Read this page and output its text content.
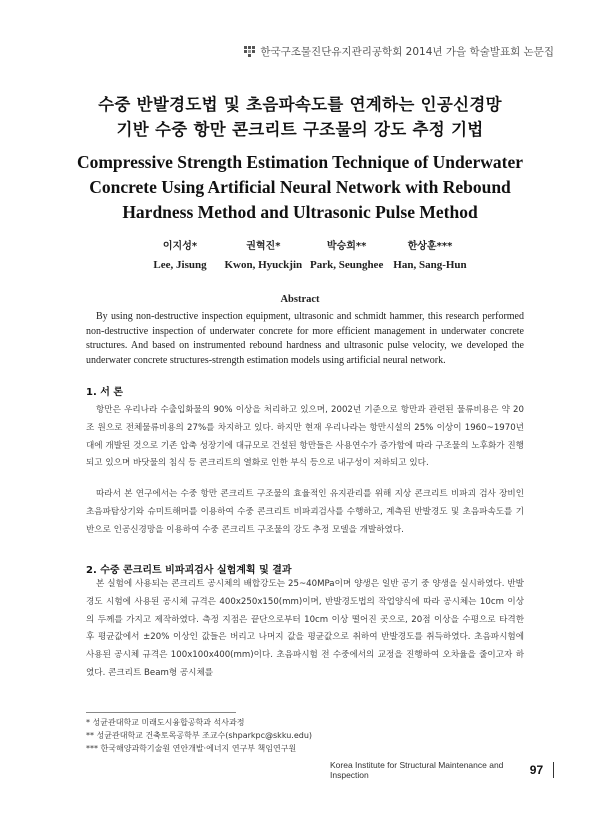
한국구조물진단유지관리공학회 2014년 가을 학술발표회 논문집
수중 반발경도법 및 초음파속도를 연계하는 인공신경망
기반 수중 항만 콘크리트 구조물의 강도 추정 기법
Compressive Strength Estimation Technique of Underwater
Concrete Using Artificial Neural Network with Rebound
Hardness Method and Ultrasonic Pulse Method
이지성*	권혁진*	박승희**	한상훈***
Lee, Jisung	Kwon, Hyuckjin Park, Seunghee Han, Sang-Hun
Abstract
By using non-destructive inspection equipment, ultrasonic and schmidt hammer, this research performed non-destructive inspection of underwater concrete for more efficient management in underwater concrete structures. And based on instrumented rebound hardness and ultrasonic pulse velocity, we developed the underwater concrete structures-strength estimation models using artificial neural network.
1. 서 론
항만은 우리나라 수출입화물의 90% 이상을 처리하고 있으며, 2002년 기준으로 항만과 관련된 물류비용은 약 20조 원으로 전체물류비용의 27%를 차지하고 있다. 하지만 현재 우리나라는 항만시설의 25% 이상이 1960~1970년대에 개발된 것으로 기존 압축 성장기에 대규모로 건설된 항만들은 사용연수가 증가함에 따라 구조물의 노후화가 진행되고 있으며 바닷물의 침식 등 콘크리트의 열화로 인한 부식 등으로 내구성이 저하되고 있다.
따라서 본 연구에서는 수중 항만 콘크리트 구조물의 효율적인 유지관리를 위해 지상 콘크리트 비파괴 검사 장비인 초음파탐상기와 슈미트해머를 이용하여 수중 콘크리트 비파괴검사를 수행하고, 계측된 반발경도 및 초음파속도를 기반으로 인공신경망을 이용하여 수중 콘크리트 구조물의 강도 추정 모델을 개발하였다.
2. 수중 콘크리트 비파괴검사 실험계획 및 결과
본 실험에 사용되는 콘크리트 공시체의 배합강도는 25~40MPa이며 양생은 일반 공기 중 양생을 실시하였다. 반발경도 시험에 사용된 공시체 규격은 400x250x150(mm)이며, 반발경도법의 작업양식에 따라 공시체는 10cm 이상의 두께를 가지고 제작하였다. 측정 지점은 끝단으로부터 10cm 이상 떨어진 곳으로, 20점 이상을 수평으로 타격한 후 평균값에서 ±20% 이상인 값들은 버리고 나머지 값을 평균값으로 취하여 반발경도를 취득하였다. 초음파시험에 사용된 공시체 규격은 100x100x400(mm)이다. 초음파시험 전 수중에서의 교정을 진행하여 오차율을 줄이고자 하였다. 콘크리트 Beam형 공시체를
* 성균관대학교 미래도시융합공학과 석사과정
** 성균관대학교 건축토목공학부 조교수(shparkpc@skku.edu)
*** 한국해양과학기술원 연안개발·에너지 연구부 책임연구원
Korea Institute for Structural Maintenance and Inspection	97
